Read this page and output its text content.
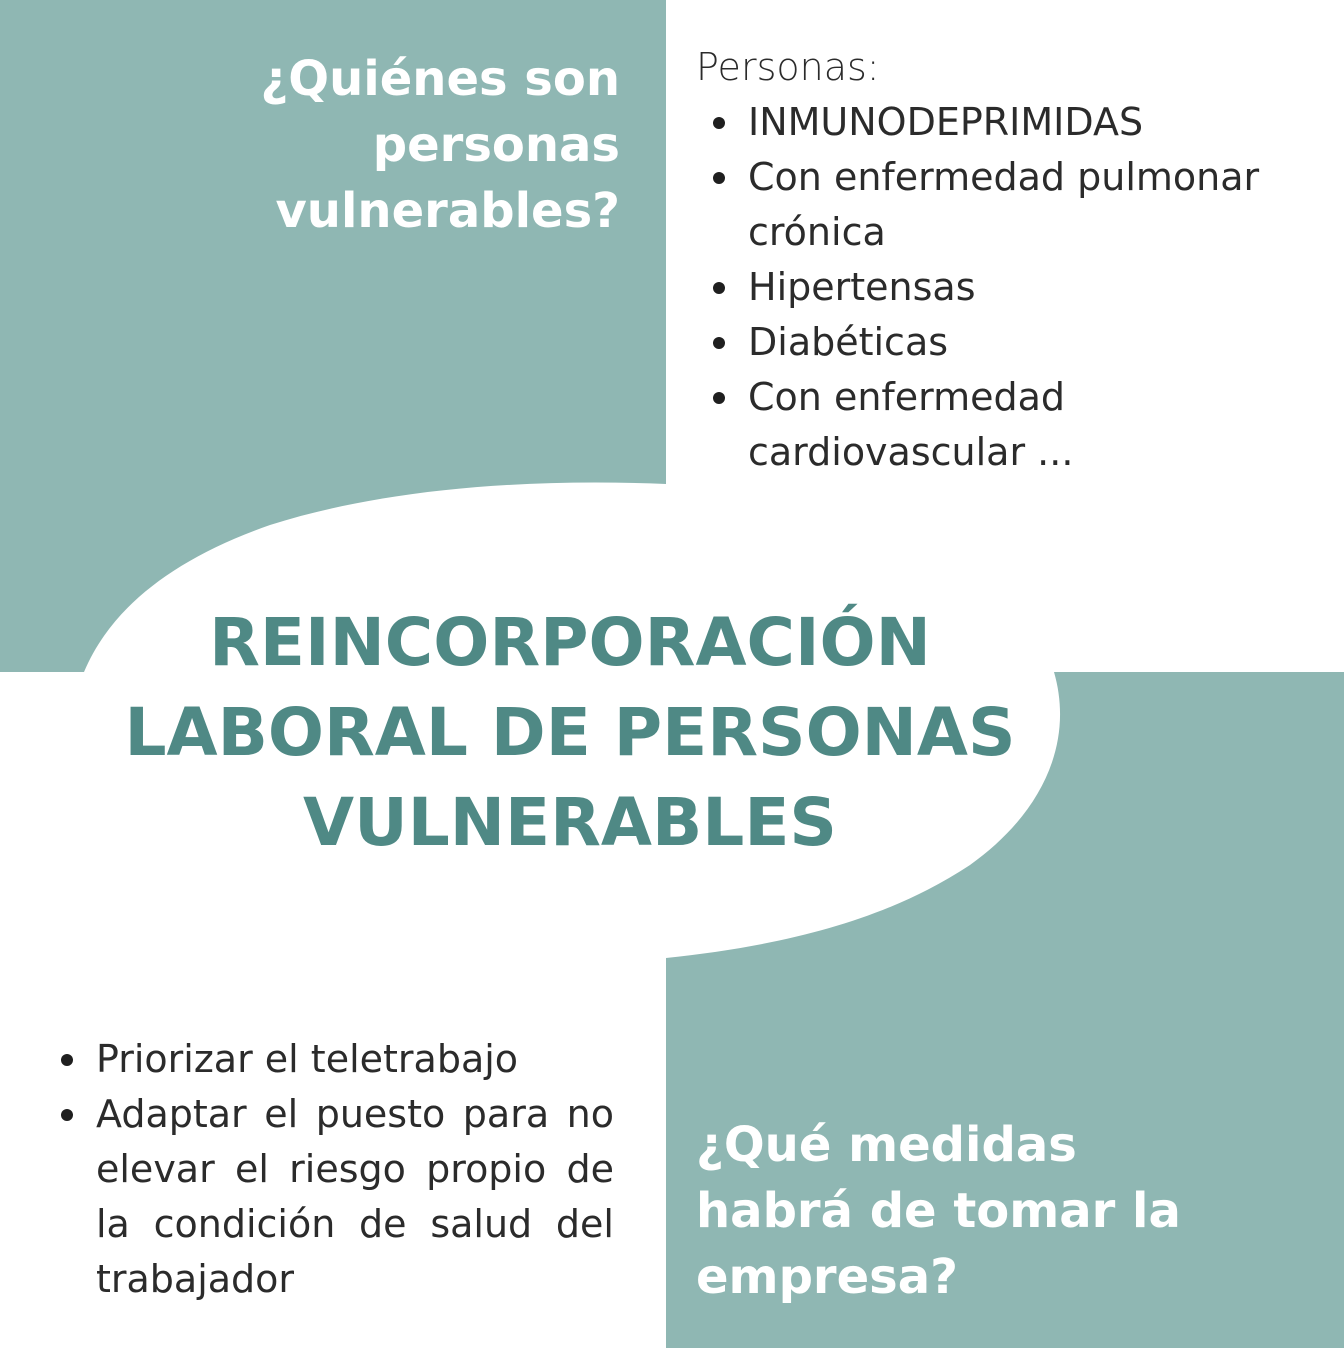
¿Quiénes son
personas
vulnerables?

Personas:

INMUNODEPRIMIDAS
Con enfermedad pulmonar crónica
Hipertensas
Diabéticas
Con enfermedad cardiovascular ...
REINCORPORACIÓN
LABORAL DE PERSONAS
VULNERABLES
Priorizar el teletrabajo
Adaptar el puesto para no elevar el riesgo propio de la condición de salud del trabajador
¿Qué medidas
habrá de tomar la
empresa?
